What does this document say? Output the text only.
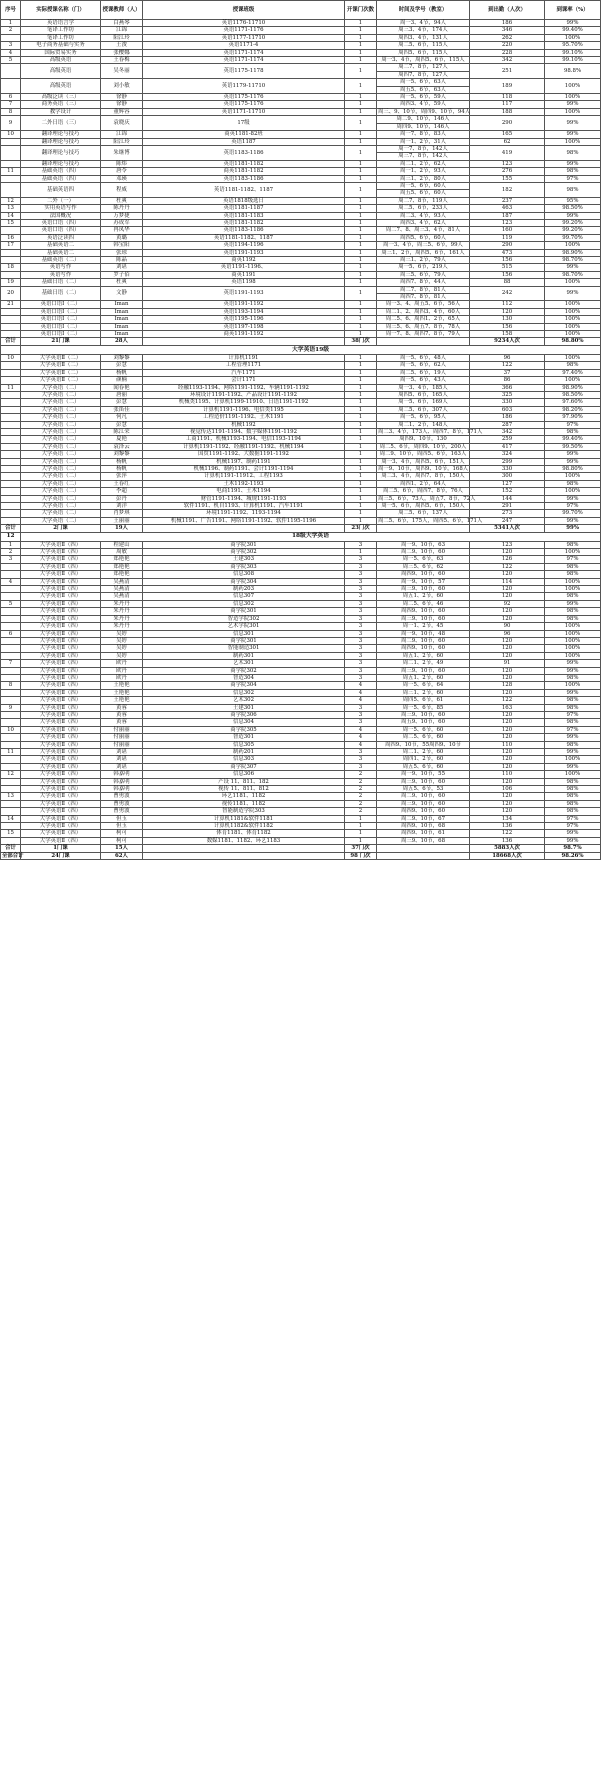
序号	实际授课名称（门）	授课教师（人）	授课班级	开课门次数	时间及学号（教室）	到出勤（人次）	到课率（%）
1	英语语言学	白燕琴	英语1176-11710	1	周一3、4节，94人	186	99%
2	笔译工作坊	江锦	英语1171-1176	1	周三3、4节，174人	346	99.40%
	笔译工作坊	阳江玲	英语1177-11710	1	周四3、4节，131人	262	100%
3	电子商务基础与实务	王浚	英语1171-4	1	周二5、6节，115人	220	95.70%
4	国际贸易实务	张樱娜	英语1171-1174	1	周四5、6节，115人	228	99.10%
5	高级英语	王春梅	英语1171-1174	1	周一3、4节，周四5、6节，115人	342	99.10%
	高级英语	吴冬丽	英语1175-1178	1	周二7、8节，127人	251	98.8%
					周四7、8节，127人		
	高级英语	刘小敏	英语1179-11710	1	周一5、6节，63人	189	100%
					周五5、6节，63人		
6	高级泛读（三）	徐静	英语1175-1176	1	周一5、6节，59人	118	100%
7	商务英语（三）	徐静	英语1175-1176	1	周四3、4节，59人	117	99%
8	教学设计	董辉容	英语1171-11710	1	周三、9、10节，周四9、10节，94人	188	100%
9	二外日语（三）	袁晓庆	17级	1	周二9、10节，146人	290	99%
					周四9、10节，146人		
10	翻译理论与技巧	江锦	商英1181-82班	1	周一7、8节，83人	165	99%
	翻译理论与技巧	阳江玲	英语1187	1	周一1、2节，31人	62	100%
	翻译理论与技巧	朱继博	英语1183-1186	1	周一7、8节，142人	419	98%
					周三7、8节，142人		
	翻译理论与技巧	陈炜	英语1181-1182	1	周二1、2节，62人	123	99%
11	基础英语（四）	唐苓	商英1181-1182	1	周一1、2节，93人	276	98%
	基础英语（四）	邓瑛	英语1183-1186	1	周三1、2节，80人	155	97%
	基础英语四	程威	英语1181-1182、1187	1	周一5、6节，60人	182	98%
					周五5、6节，60人		
12	二外（一）	杜爽	英语1818级选日	1	周二7、8节，119人	237	95%
13	实用英语写作	陈丹丹	英语1181-1187	1	周二5、6节，233人	463	98.50%
14	法国概况	万梦捷	英语1181-1183	1	周二3、4节，93人	187	99%
15	英语口语（四）	苏成军	英语1181-1182	1	周四3、4节，62人	123	99.20%
	英语口语（四）	冉凤华	英语1183-1186	1	周二7、8、周三3、4节，81人	160	99.20%
16	英语泛读四	黄璐	英语1181-1182、1187	1	周四5、6节，60人	119	99.70%
17	基础英语二	韩宝阳	英语1194-1196	1	周一3、4节，周三5、6节，99人	290	100%
	基础英语二	张琼	英语1191-1193	1	周三1、2节，周四5、6节，161人	473	98.90%
	基础英语（二）	陈晶	商英1192	1	周三1、2节，79人	156	98.70%
18	英语写作	刘谌	英语1191-1196、	1	周一5、6节，219人	515	99%
	英语写作	罗子佰	商英1191	1	周三5、6节，79人	156	98.70%
19	基础日语（二）	杜爽	英语1198	1	周四7、8节，44人	88	100%
20	基础日语（二）	文静	英语1191-1193	1	周二7、8节，81人	242	99%
					周四7、8节，81人		
21	英语口语Ⅰ（二）	Iman	英语1191-1192	1	周一3、4、周五5、6节，56人	112	100%
	英语口语Ⅰ（二）	Iman	英语1193-1194	1	周二1、2、周四3、4节，60人	120	100%
	英语口语Ⅰ（二）	Iman	英语1195-1196	1	周二5、6、周四1、2节，65人	130	100%
	英语口语Ⅰ（二）	Iman	英语1197-1198	1	周三5、6、周五7、8节，78人	156	100%
	英语口语Ⅰ（二）	Iman	商英1191-1192	1	周一7、8、周四7、8节，79人	158	100%
合计	21门课	28人		38门次		9234人次	98.80%
	大学英语19级						
10	大学英语Ⅱ（二）	刘黎黎	计算机1191	1	周一5、6节，48人	96	100%
	大学英语Ⅱ（二）	彭慧	工程管理1171	1	周一5、6节，62人	122	98%
	大学英语Ⅱ（二）	杨帆	汽车1171	1	周二5、6节，19人	37	97.40%
	大学英语Ⅱ（二）	颜楠	会计1171	1	周一5、6节，43人	86	100%
11	大学英语（二）	闻春艳	经融1193-1194、网络1191-1192、车辆1191-1192	1	周一3、4节，185人	366	98.90%
	大学英语（二）	唐丽	环境设计1191-1192、产品设计1191-1192	1	周四5、6节，165人	325	98.50%
	大学英语（二）	彭慧	机械类1195、计算机1199-11910、日语1191-1192	1	周一5、6节，169人	330	97.60%
	大学英语（二）	张笛佳	计算机1191-1196、电信类1195	1	周二5、6节，307人	603	98.20%
	大学英语（二）	何凡	工程造价1191-1192、土木1191	1	周一5、6节，95人	186	97.90%
	大学英语（二）	彭慧	机械1192	1	周二1、2节，148人	287	97%
	大学英语（二）	陈江荣	视觉传达1191-1194、数字媒体1191-1192	1	周二3、4节，173人、周四7、8节，171人	342	98%
	大学英语（二）	夏艳	工商1191、机械1193-1194、电信1193-1194	1	周四9、10节，130	259	99.40%
	大学英语（二）	袁泽云	计算机1191-1192、经融1191-1192、机械1194	1	周二5、6节，周四9、10节，200人	417	99.50%
	大学英语（二）	刘黎黎	国贸1191-1192、大数据1191-1192	1	周二9、10节，周四5、6节，163人	324	99%
	大学英语（二）	杨帆	机械1197、制药1191	1	周一3、4节，周四5、6节，151人	299	99%
	大学英语（二）	杨帆	机械1196、制药1191、会计1191-1194	1	周一9、10节，周四9、10节，168人	330	98.80%
	大学英语（二）	张萍	计算机1191-11912、工程1193	1	周二3、4节，周四7、8节，150人	300	100%
	大学英语（二）	王春红	土木1192-1193	1	周四1、2节，64人	127	98%
	大学英语（二）	李超	电商1191、土木1194	1	周二5、6节，周四7、8节，76人	152	100%
	大学英语（二）	彭丹	财管1191-1194、城规1191-1193	1	周三5、6节，73人，周五7、8节，72人	144	99%
	大学英语（二）	刘洋	软件1191、机自1193、计算机1191、汽车1191	1	周一5、6节，周四5、6节，150人	291	97%
	大学英语（二）	肖梦琪	环境1191-1192、1193-1194	1	周二5、6节，137人	273	99.70%
	大学英语（二）	王丽丽	机械1191、广告1191、网络1191-1192、软件1195-1196	1	周二5、6节，175人，周四5、6节，171人	247	99%
合计	2门课	19人		23门次		5341人次	99%
12	18级大学英语						
1	大学英语Ⅱ（四）	程建山	商学院301	3	周一9、10节，63	123	98%
2	大学英语Ⅱ（四）	周敏	商学院302	1	周二9、10节，60	120	100%
3	大学英语Ⅱ（四）	郑艳艳	土建303	3	周一5、6节，63	126	97%
	大学英语Ⅱ（四）	郑艳艳	商学院303	3	周三5、6节，62	122	98%
	大学英语Ⅱ（四）	郑艳艳	信息308	3	周四9、10节，60	120	98%
4	大学英语Ⅱ（四）	吴燕清	商学院304	3	周一9、10节，57	114	100%
	大学英语Ⅱ（四）	吴燕清	制药203	3	周三9、10节，60	120	100%
	大学英语Ⅱ（四）	吴燕清	信息307	3	周五1、2节，60	120	98%
5	大学英语Ⅱ（四）	朱丹丹	信息302	3	周二5、6节，46	92	99%
	大学英语Ⅱ（四）	朱丹丹	商学院301	3	周四9、10节，60	120	98%
	大学英语Ⅱ（四）	朱丹丹	智造学院302	3	周三9、10节，60	120	98%
	大学英语Ⅱ（四）	朱丹丹	艺术学院301	3	周一1、2节，45	90	100%
6	大学英语Ⅱ（四）	吴婷	信息301	3	周一9、10节，48	96	100%
	大学英语Ⅱ（四）	吴婷	商学院301	3	周二9、10节，60	120	100%
	大学英语Ⅱ（四）	吴婷	智能制造301	3	周四9、10节，60	120	100%
	大学英语Ⅱ（四）	吴婷	制药301	3	周五1、2节，60	120	100%
7	大学英语Ⅱ（四）	欧丹	艺术301	3	周二1、2节，49	91	99%
	大学英语Ⅱ（四）	欧丹	商学院302	3	周三9、10节，60	120	99%
	大学英语Ⅱ（四）	欧丹	智造304	3	周五1、2节，60	120	98%
8	大学英语Ⅱ（四）	王艳艳	商学院304	4	周一5、6节，64	128	100%
	大学英语Ⅱ（四）	王艳艳	信息302	4	周三1、2节，60	120	99%
	大学英语Ⅱ（四）	王艳艳	艺术302	4	周四5、6节，61	122	98%
9	大学英语Ⅱ（四）	黄蓉	土建301	3	周一5、6节，85	163	98%
	大学英语Ⅱ（四）	黄蓉	商学院306	3	周三9、10节，60	120	97%
	大学英语Ⅱ（四）	黄蓉	信息304	3	周五9、10节，60	120	98%
10	大学英语Ⅱ（四）	付丽丽	商学院305	4	周一5、6节，60	120	97%
	大学英语Ⅱ（四）	付丽丽	智造301	4	周二5、6节，60	120	99%
	大学英语Ⅱ（四）	付丽丽	信息305	4	周四9、10节，55周四9、10节	110	98%
11	大学英语Ⅱ（四）	刘谌	制药201	3	周二1、2节，60	120	99%
	大学英语Ⅱ（四）	刘谌	信息303	3	周四1、2节，60	120	100%
	大学英语Ⅱ（四）	刘谌	商学院307	3	周五5、6节，60	120	99%
12	大学英语Ⅱ（四）	韩嘉明	信息306	2	周一9、10节，55	110	100%
	大学英语Ⅱ（四）	韩嘉明	产设 11、811、182	2	周三9、10节，60	120	98%
	大学英语Ⅱ（四）	韩嘉明	视传 11、811、812	2	周五5、6节，53	106	98%
13	大学英语Ⅱ（四）	曹勇波	环艺1181、1182	2	周二9、10节，60	120	98%
	大学英语Ⅱ（四）	曹勇波	视传1181、1182	2	周三9、10节，60	120	98%
	大学英语Ⅱ（四）	曹勇波	智能制造学院303	2	周四9、10节，60	120	98%
14	大学英语Ⅱ（四）	但玉	计算机1181&软件1181	1	周二9、10节，67	134	97%
	大学英语Ⅱ（四）	但玉	计算机1182&软件1182	1	周四9、10节，68	136	97%
15	大学英语Ⅱ（四）	柯可	体育1181、体育1182	1	周四9、10节，61	122	99%
	大学英语Ⅱ（四）	柯可	数媒1181、1182、环艺1183	1	周三9、10节，68	136	99%
合计	1门课	15人		37门次		5883人次	98.7%
全部合计	24门课	62人		98 门次		18668人次	98.26%
